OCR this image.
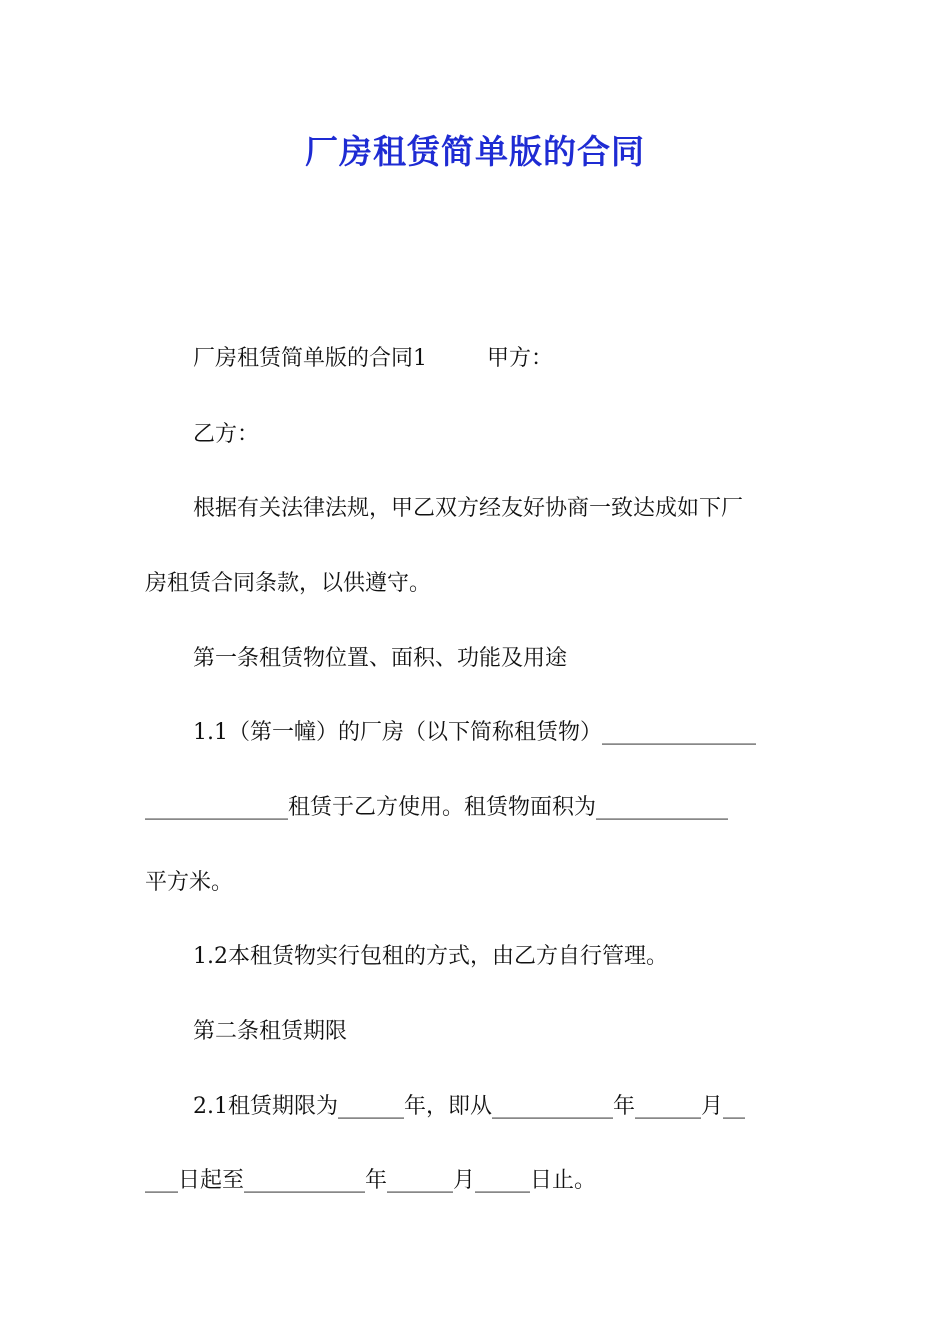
厂房租赁简单版的合同
厂房租赁简单版的合同1	甲方：
乙方：
根据有关法律法规，甲乙双方经友好协商一致达成如下厂
房租赁合同条款，以供遵守。
第一条租赁物位置、面积、功能及用途
1.1（第一幢）的厂房（以下简称租赁物）______________
_____________租赁于乙方使用。租赁物面积为____________
平方米。
1.2本租赁物实行包租的方式，由乙方自行管理。
第二条租赁期限
2.1租赁期限为______年，即从___________年______月__
___日起至___________年______月_____日止。
